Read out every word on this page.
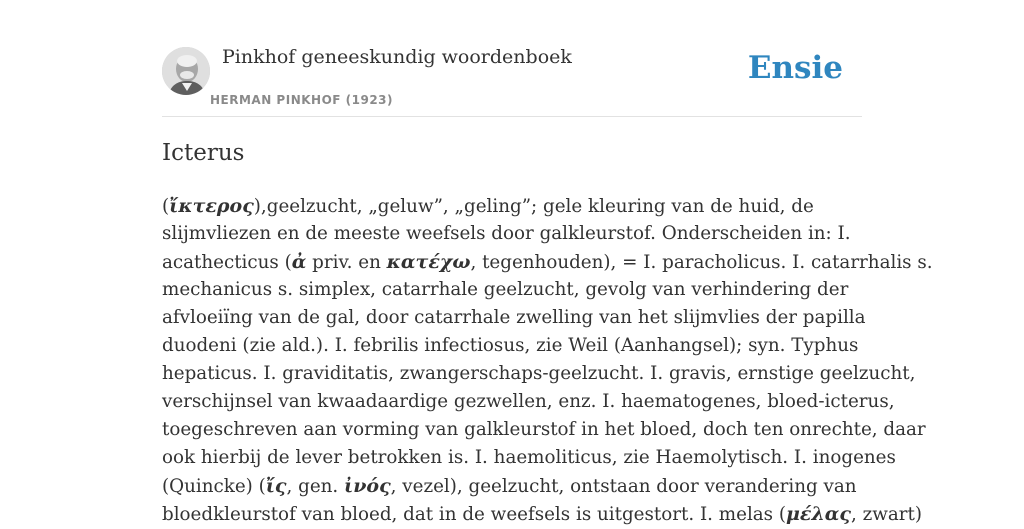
Pinkhof geneeskundig woordenboek
HERMAN PINKHOF (1923)
Ensie
Icterus
(ἴκτερος),geelzucht, „geluw”, „geling”; gele kleuring van de huid, de
slijmvliezen en de meeste weefsels door galkleurstof. Onderscheiden in: I.
acathecticus (ἀ priv. en κατέχω, tegenhouden), = I. paracholicus. I. catarrhalis s.
mechanicus s. simplex, catarrhale geelzucht, gevolg van verhindering der
afvloeiïng van de gal, door catarrhale zwelling van het slijmvlies der papilla
duodeni (zie ald.). I. febrilis infectiosus, zie Weil (Aanhangsel); syn. Typhus
hepaticus. I. graviditatis, zwangerschaps-geelzucht. I. gravis, ernstige geelzucht,
verschijnsel van kwaadaardige gezwellen, enz. I. haematogenes, bloed-icterus,
toegeschreven aan vorming van galkleurstof in het bloed, doch ten onrechte, daar
ook hierbij de lever betrokken is. I. haemoliticus, zie Haemolytisch. I. inogenes
(Quincke) (ἴς, gen. ἰνός, vezel), geelzucht, ontstaan door verandering van
bloedkleurstof van bloed, dat in de weefsels is uitgestort. I. melas (μέλας, zwart)
